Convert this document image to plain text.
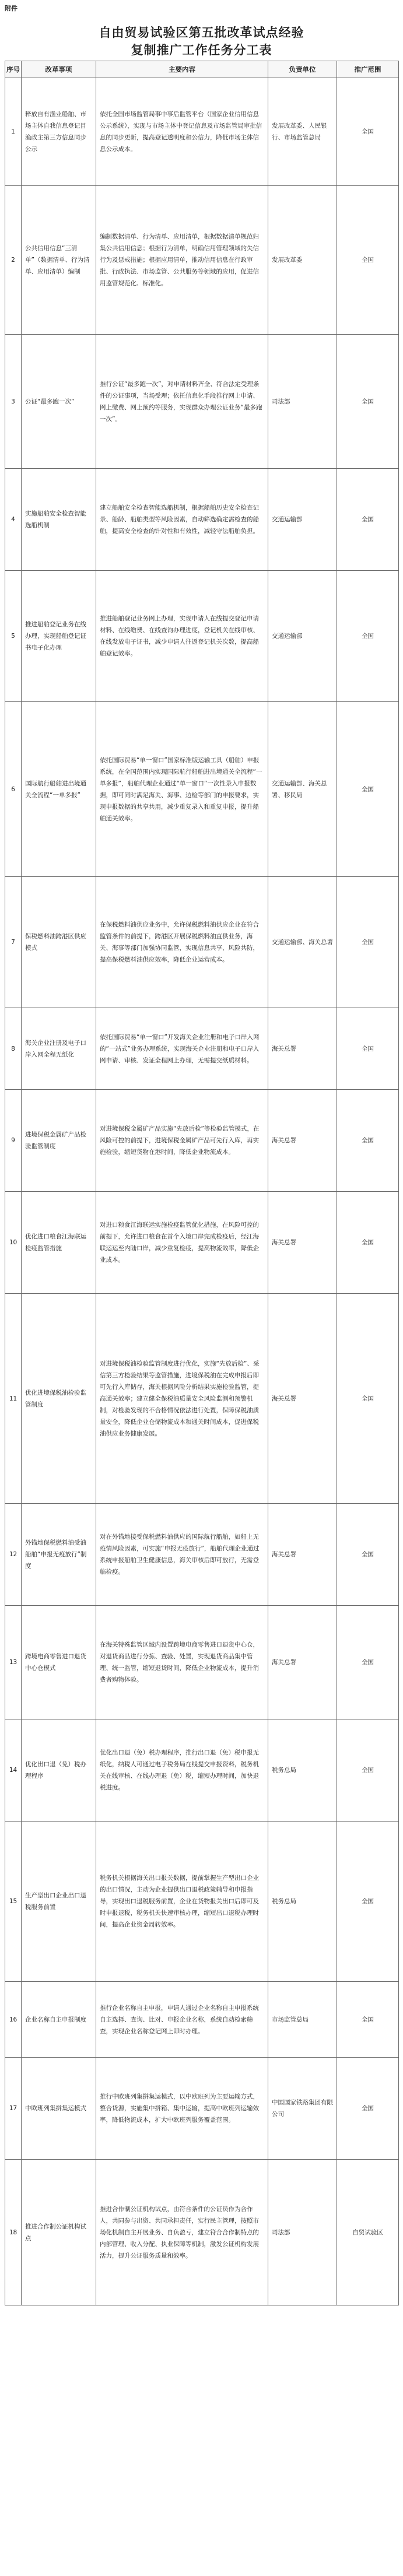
附件
自由贸易试验区第五批改革试点经验
复制推广工作任务分工表
序号	改革事项	主要内容	负责单位	推广范围
1	释放自有渔业船舶、市场主体自我信息登记目渔政主第三方信息同步公示	依托全国市场监管局事中事后监管平台（国家企业信用信息公示系统），实现与市场主体中登记信息及市场监管局审批信息的同步更新，提高登记透明度和公信力，降低市场主体信息公示成本。	发展改革委、人民银行、市场监管总局	全国
2	公共信用信息“三清单”（数据清单、行为清单、应用清单）编制	编制数据清单、行为清单、应用清单，根据数据清单规范归集公共信用信息；根据行为清单，明确信用管理领域的失信行为及惩戒措施；根据应用清单，推动信用信息在行政审批、行政执法、市场监管、公共服务等领域的应用，促进信用监管规范化、标准化。	发展改革委	全国
3	公证“最多跑一次”	推行公证“最多跑一次”，对申请材料齐全、符合法定受理条件的公证事项，当场受理；依托信息化手段推行网上申请、网上缴费、网上预约等服务，实现群众办理公证业务“最多跑一次”。	司法部	全国
4	实施船舶安全检查智能选船机制	建立船舶安全检查智能选船机制，根据船舶历史安全检查记录、船龄、船舶类型等风险因素，自动筛选确定需检查的船舶，提高安全检查的针对性和有效性，减轻守法船舶负担。	交通运输部	全国
5	推进船舶登记业务在线办理，实现船舶登记证书电子化办理	推进船舶登记业务网上办理，实现申请人在线提交登记申请材料、在线缴费、在线查询办理进度，登记机关在线审核、在线发放电子证书，减少申请人往返登记机关次数，提高船舶登记效率。	交通运输部	全国
6	国际航行船舶进出境通关全流程“一单多报”	依托国际贸易“单一窗口”国家标准版运输工具（船舶）申报系统，在全国范围内实现国际航行船舶进出境通关全流程“一单多报”，船舶代理企业通过“单一窗口”一次性录入申报数据，即可同时满足海关、海事、边检等部门的申报要求，实现申报数据的共享共用，减少重复录入和重复申报，提升船舶通关效率。	交通运输部、海关总署、移民局	全国
7	保税燃料油跨港区供应模式	在保税燃料油供应业务中，允许保税燃料油供应企业在符合监管条件的前提下，跨港区开展保税燃料油直供业务，海关、海事等部门加强协同监管，实现信息共享、风险共防，提高保税燃料油供应效率，降低企业运营成本。	交通运输部、海关总署	全国
8	海关企业注册及电子口岸入网全程无纸化	依托国际贸易“单一窗口”开发海关企业注册和电子口岸入网的“一站式”业务办理系统，实现海关企业注册和电子口岸入网申请、审核、发证全程网上办理，无需提交纸质材料。	海关总署	全国
9	进境保税金属矿产品检验监管制度	对进境保税金属矿产品实施“先放后检”等检验监管模式，在风险可控的前提下，进境保税金属矿产品可先行入库，再实施检验，缩短货物在港时间，降低企业物流成本。	海关总署	全国
10	优化进口粮食江海联运检疫监管措施	对进口粮食江海联运实施检疫监管优化措施，在风险可控的前提下，允许进口粮食在首个入境口岸完成检疫后，经江海联运运至内陆口岸，减少重复检疫，提高物流效率，降低企业成本。	海关总署	全国
11	优化进境保税油检验监管制度	对进境保税油检验监管制度进行优化，实施“先放后检”、采信第三方检验结果等监管措施，进境保税油在完成申报后即可先行入库储存，海关根据风险分析结果实施检验监管，提高通关效率；建立健全保税油质量安全风险监测和预警机制，对检验发现的不合格情况依法进行处置，保障保税油质量安全，降低企业仓储物流成本和通关时间成本，促进保税油供应业务健康发展。	海关总署	全国
12	外锚地保税燃料油受油船舶“申报无疫放行”制度	对在外锚地接受保税燃料油供应的国际航行船舶，如船上无疫情风险因素，可实施“申报无疫放行”，船舶代理企业通过系统申报船舶卫生健康信息，海关审核后即可放行，无需登临检疫。	海关总署	全国
13	跨境电商零售进口退货中心仓模式	在海关特殊监管区域内设置跨境电商零售进口退货中心仓，对退货商品进行分拣、查验、处置，实现退货商品集中管理、统一监管，缩短退货时间，降低企业物流成本，提升消费者购物体验。	海关总署	全国
14	优化出口退（免）税办理程序	优化出口退（免）税办理程序，推行出口退（免）税申报无纸化，纳税人可通过电子税务局在线提交申报资料，税务机关在线审核、在线办理退（免）税，缩短办理时间，加快退税进度。	税务总局	全国
15	生产型出口企业出口退税服务前置	税务机关根据海关出口报关数据，提前掌握生产型出口企业的出口情况，主动为企业提供出口退税政策辅导和申报指导，实现出口退税服务前置，企业在货物报关出口后即可及时申报退税，税务机关快速审核办理，缩短出口退税办理时间，提高企业资金周转效率。	税务总局	全国
16	企业名称自主申报制度	推行企业名称自主申报，申请人通过企业名称自主申报系统自主选择、查询、比对、申报企业名称，系统自动检索筛查，实现企业名称登记网上即时办理。	市场监管总局	全国
17	中欧班列集拼集运模式	推行中欧班列集拼集运模式，以中欧班列为主要运输方式，整合货源，实施集中拼箱、集中运输，提高中欧班列运输效率，降低物流成本，扩大中欧班列服务覆盖范围。	中国国家铁路集团有限公司	全国
18	推进合作制公证机构试点	推进合作制公证机构试点，由符合条件的公证员作为合作人，共同参与出资、共同承担责任，实行民主管理，按照市场化机制自主开展业务、自负盈亏，建立符合合作制特点的内部管理、收入分配、执业保障等机制，激发公证机构发展活力，提升公证服务质量和效率。	司法部	自贸试验区
